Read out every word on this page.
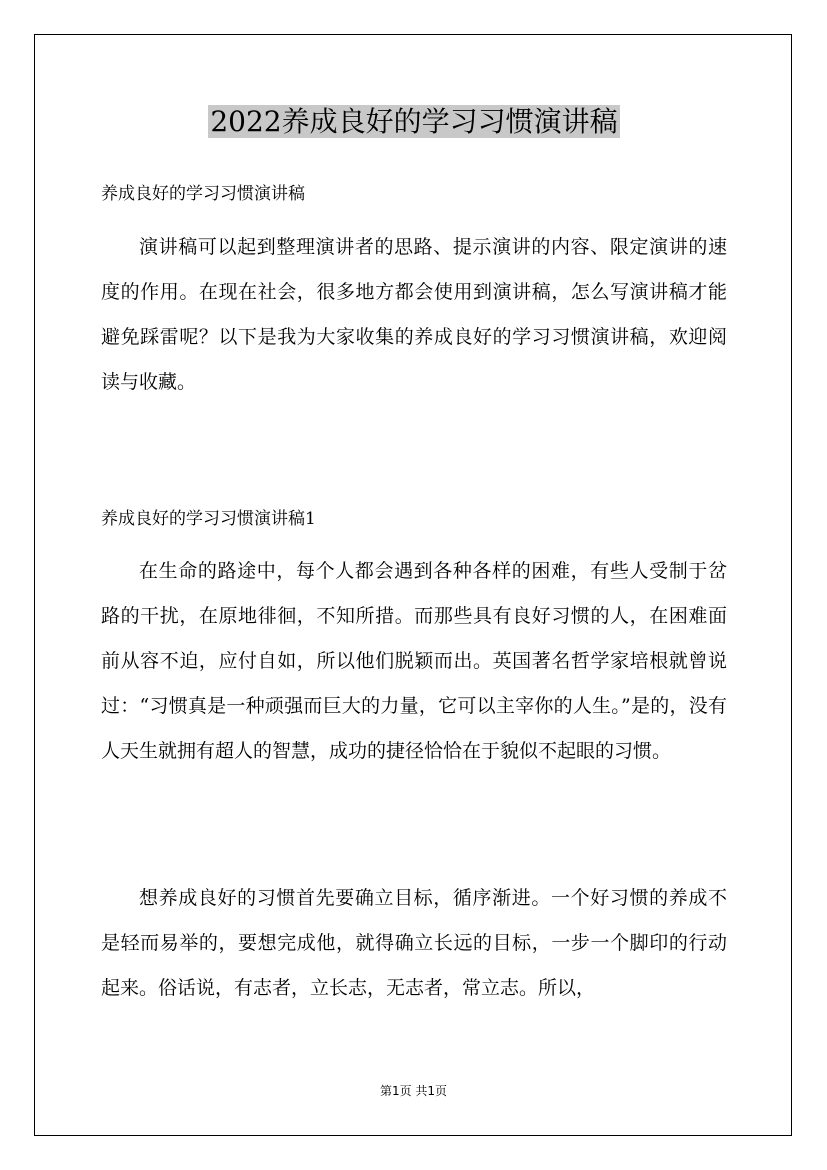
2022养成良好的学习习惯演讲稿
养成良好的学习习惯演讲稿

演讲稿可以起到整理演讲者的思路、提示演讲的内容、限定演讲的速度的作用。在现在社会，很多地方都会使用到演讲稿，怎么写演讲稿才能避免踩雷呢？以下是我为大家收集的养成良好的学习习惯演讲稿，欢迎阅读与收藏。

养成良好的学习习惯演讲稿1

在生命的路途中，每个人都会遇到各种各样的困难，有些人受制于岔路的干扰，在原地徘徊，不知所措。而那些具有良好习惯的人，在困难面前从容不迫，应付自如，所以他们脱颖而出。英国著名哲学家培根就曾说过：“习惯真是一种顽强而巨大的力量，它可以主宰你的人生。”是的，没有人天生就拥有超人的智慧，成功的捷径恰恰在于貌似不起眼的习惯。

想养成良好的习惯首先要确立目标，循序渐进。一个好习惯的养成不是轻而易举的，要想完成他，就得确立长远的目标，一步一个脚印的行动起来。俗话说，有志者，立长志，无志者，常立志。所以，

第1页 共1页
